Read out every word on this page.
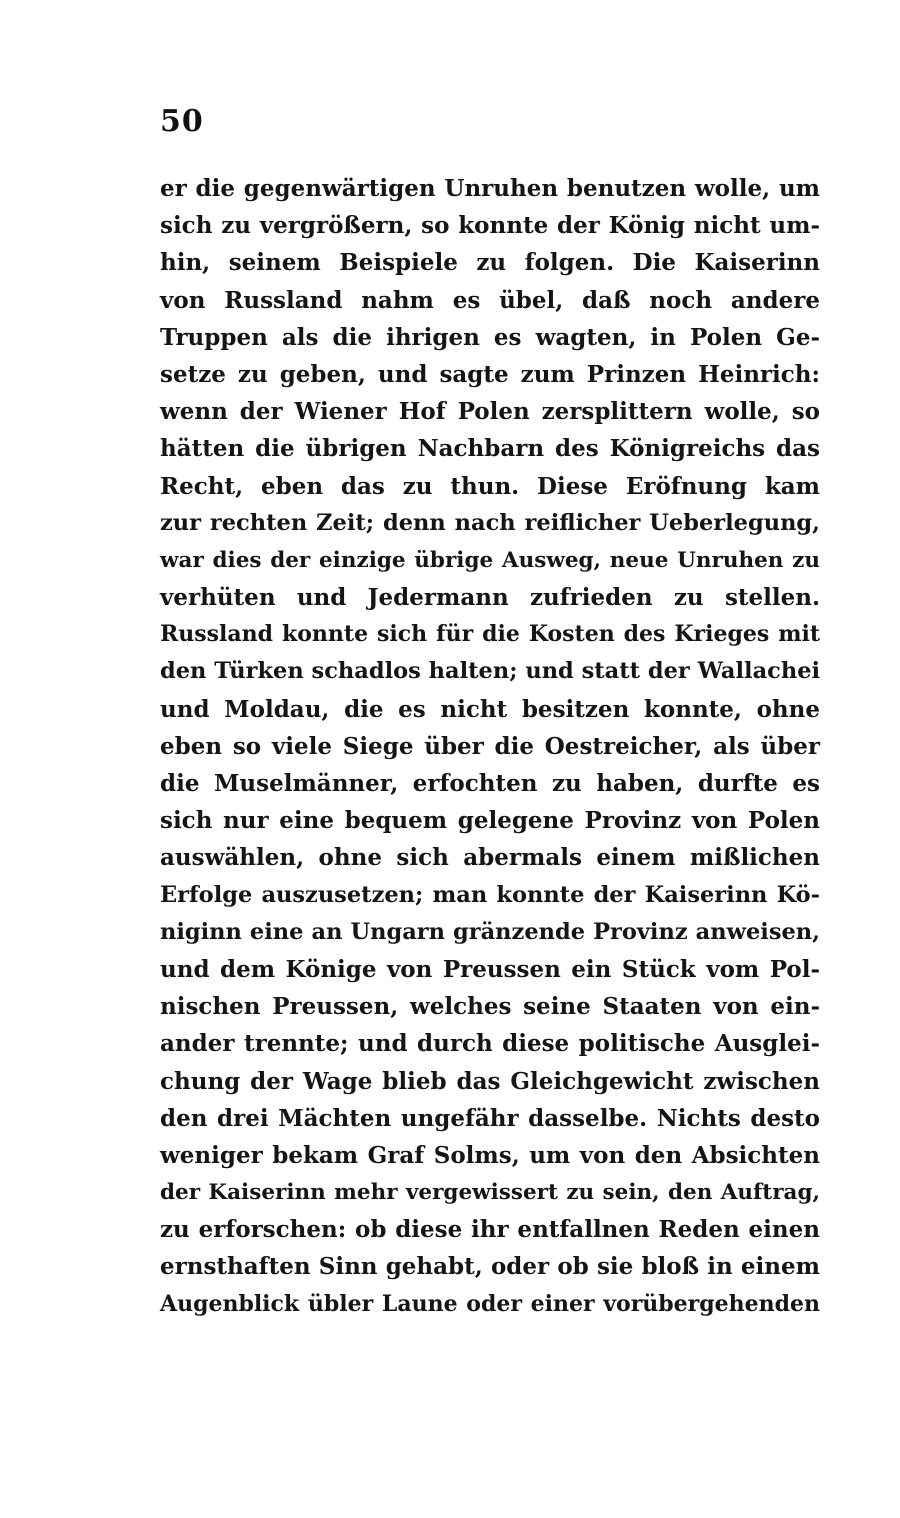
50
er die gegenwärtigen Unruhen benutzen wolle, um
sich zu vergrößern, so konnte der König nicht um-
hin, seinem Beispiele zu folgen. Die Kaiserinn
von Russland nahm es übel, daß noch andere
Truppen als die ihrigen es wagten, in Polen Ge-
setze zu geben, und sagte zum Prinzen Heinrich:
wenn der Wiener Hof Polen zersplittern wolle, so
hätten die übrigen Nachbarn des Königreichs das
Recht, eben das zu thun. Diese Eröfnung kam
zur rechten Zeit; denn nach reiflicher Ueberlegung,
war dies der einzige übrige Ausweg, neue Unruhen zu
verhüten und Jedermann zufrieden zu stellen.
Russland konnte sich für die Kosten des Krieges mit
den Türken schadlos halten; und statt der Wallachei
und Moldau, die es nicht besitzen konnte, ohne
eben so viele Siege über die Oestreicher, als über
die Muselmänner, erfochten zu haben, durfte es
sich nur eine bequem gelegene Provinz von Polen
auswählen, ohne sich abermals einem mißlichen
Erfolge auszusetzen; man konnte der Kaiserinn Kö-
niginn eine an Ungarn gränzende Provinz anweisen,
und dem Könige von Preussen ein Stück vom Pol-
nischen Preussen, welches seine Staaten von ein-
ander trennte; und durch diese politische Ausglei-
chung der Wage blieb das Gleichgewicht zwischen
den drei Mächten ungefähr dasselbe. Nichts desto
weniger bekam Graf Solms, um von den Absichten
der Kaiserinn mehr vergewissert zu sein, den Auftrag,
zu erforschen: ob diese ihr entfallnen Reden einen
ernsthaften Sinn gehabt, oder ob sie bloß in einem
Augenblick übler Laune oder einer vorübergehenden
